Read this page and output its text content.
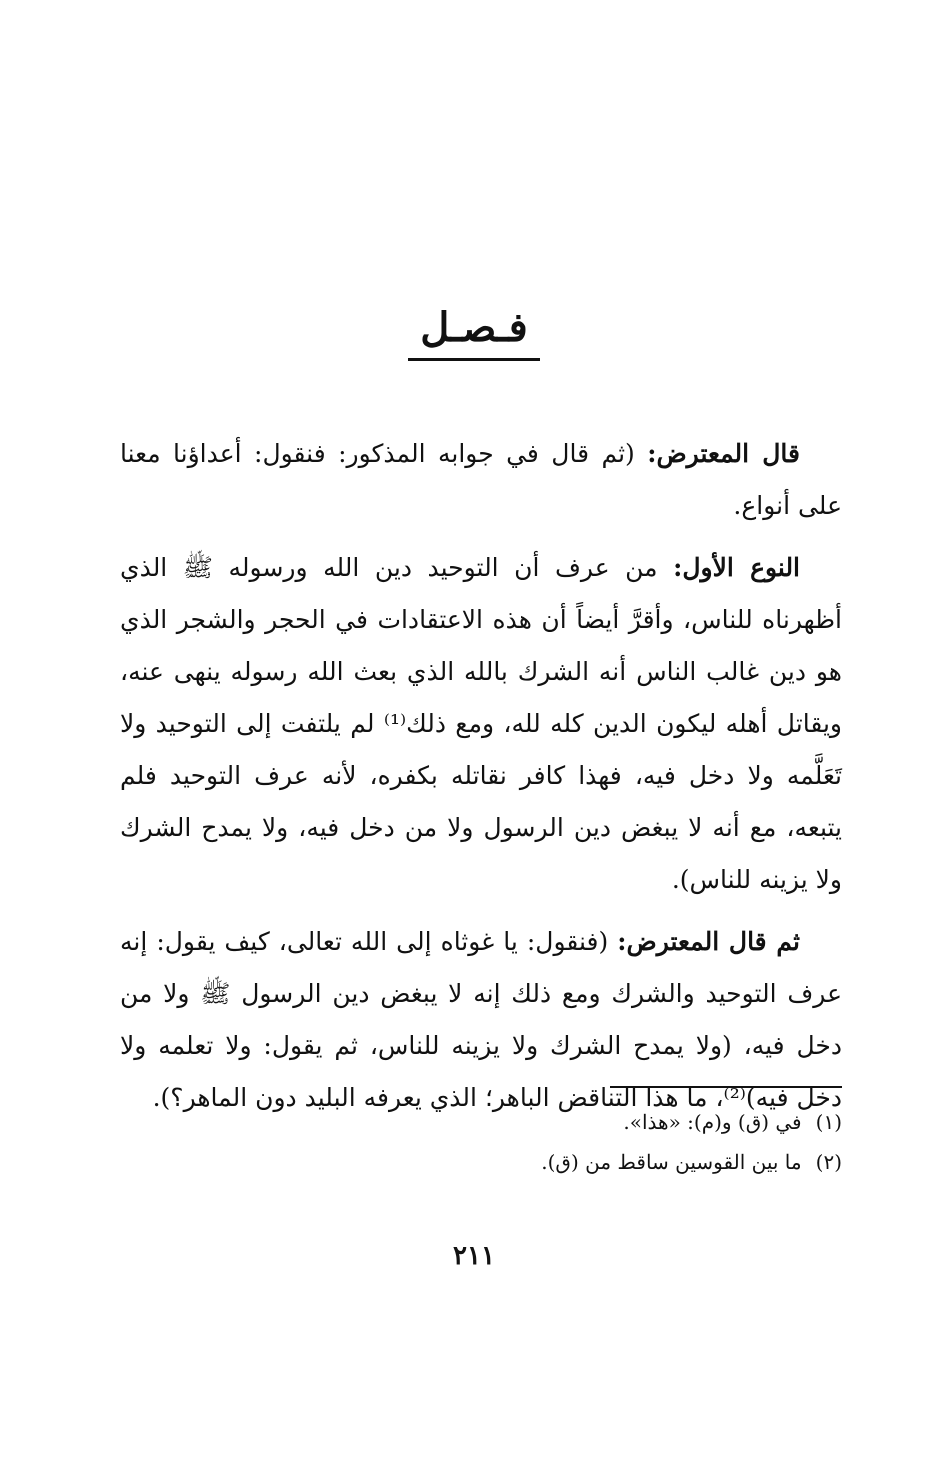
فـصـل

قال المعترض: (ثم قال في جوابه المذكور: فنقول: أعداؤنا معنا على أنواع.

النوع الأول: من عرف أن التوحيد دين الله ورسوله ﷺ الذي أظهرناه للناس، وأقرَّ أيضاً أن هذه الاعتقادات في الحجر والشجر الذي هو دين غالب الناس أنه الشرك بالله الذي بعث الله رسوله ينهى عنه، ويقاتل أهله ليكون الدين كله لله، ومع ذلك⁽¹⁾ لم يلتفت إلى التوحيد ولا تَعَلَّمه ولا دخل فيه، فهذا كافر نقاتله بكفره، لأنه عرف التوحيد فلم يتبعه، مع أنه لا يبغض دين الرسول ولا من دخل فيه، ولا يمدح الشرك ولا يزينه للناس).

ثم قال المعترض: (فنقول: يا غوثاه إلى الله تعالى، كيف يقول: إنه عرف التوحيد والشرك ومع ذلك إنه لا يبغض دين الرسول ﷺ ولا من دخل فيه، (ولا يمدح الشرك ولا يزينه للناس، ثم يقول: ولا تعلمه ولا دخل فيه)⁽²⁾، ما هذا التناقض الباهر؛ الذي يعرفه البليد دون الماهر؟).

(١)في (ق) و(م): «هذا».
(٢)ما بين القوسين ساقط من (ق).
٢١١
